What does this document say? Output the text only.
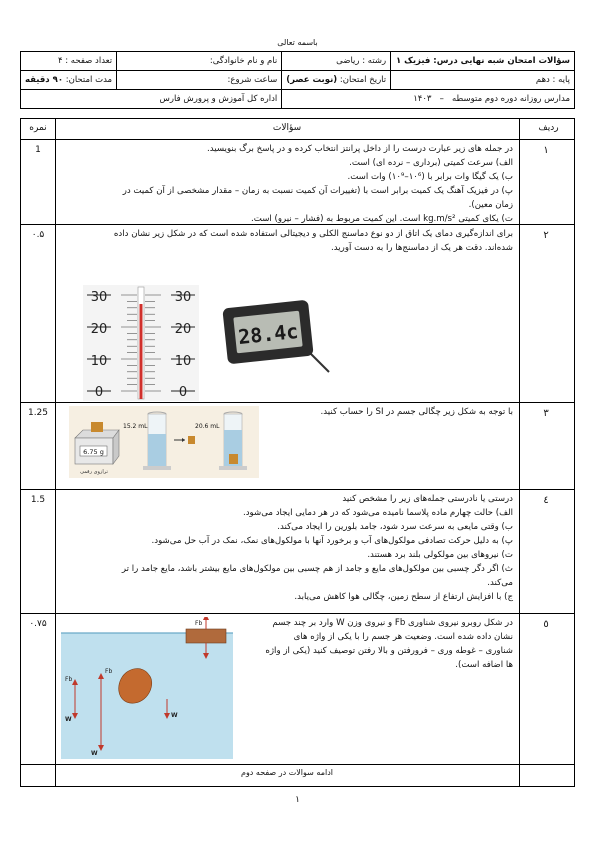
باسمه تعالی
سؤالات امتحان شبه نهایی درس: فیزیک ۱	رشته : ریاضی	نام و نام خانوادگی:	تعداد صفحه : ۴
پایه : دهم	تاریخ امتحان: (نوبت عصر)	ساعت شروع:	مدت امتحان: ۹۰ دقیقه
مدارس روزانه دوره دوم متوسطه   –   ۱۴۰۳		اداره کل آموزش و پرورش فارس	
ردیف
سؤالات
نمره
۱
1	در جمله های زیر عبارت درست را از داخل پرانتز انتخاب کرده و در پاسخ برگ بنویسید.

الف) سرعت کمیتی (برداری – نرده ای) است.

ب) یک گیگا وات برابر با (۱۰⁶–۱۰⁹) وات است.

پ) در فیزیک آهنگ یک کمیت برابر است با (تغییرات آن کمیت نسبت به زمان – مقدار مشخصی از آن کمیت در

زمان معین).

ت) یکای کمیتی kg.m/s² است. این کمیت مربوط به (فشار – نیرو) است.

۲
۰.۵	برای اندازه‌گیری دمای یک اتاق از دو نوع دماسنج الکلی و دیجیتالی استفاده شده است که در شکل زیر نشان داده

شده‌اند. دقت هر یک از دماسنج‌ها را به دست آورید.

30	30
20	20
10	10
0	0
28.4c
۳
1.25	با توجه به شکل زیر چگالی جسم در SI را حساب کنید.

6.75 g
ترازوی رقمی
15.2 mL	20.6 mL
٤
1.5	درستی یا نادرستی جمله‌های زیر را مشخص کنید

الف) حالت چهارم ماده پلاسما نامیده می‌شود که در هر دمایی ایجاد می‌شود.

ب) وقتی مایعی به سرعت سرد شود، جامد بلورین را ایجاد می‌کند.

پ) به دلیل حرکت تصادفی مولکول‌های آب و برخورد آنها با مولکول‌های نمک، نمک در آب حل می‌شود.

ت) نیروهای بین مولکولی بلند برد هستند.

ث) اگر دگر چسبی بین مولکول‌های مایع و جامد از هم چسبی بین مولکول‌های مایع بیشتر باشد، مایع جامد را تر

می‌کند.

ج) با افزایش ارتفاع از سطح زمین، چگالی هوا کاهش می‌یابد.

٥
۰.۷۵	در شکل روبرو نیروی شناوری Fb و نیروی وزن W وارد بر چند جسم

نشان داده شده است. وضعیت هر جسم را با یکی از واژه های

شناوری – غوطه وری – فرورفتن و بالا رفتن توصیف کنید (یکی از واژه

ها اضافه است).

Fb
Fb
W
Fb
W
W
ادامه سوالات در صفحه دوم
۱
